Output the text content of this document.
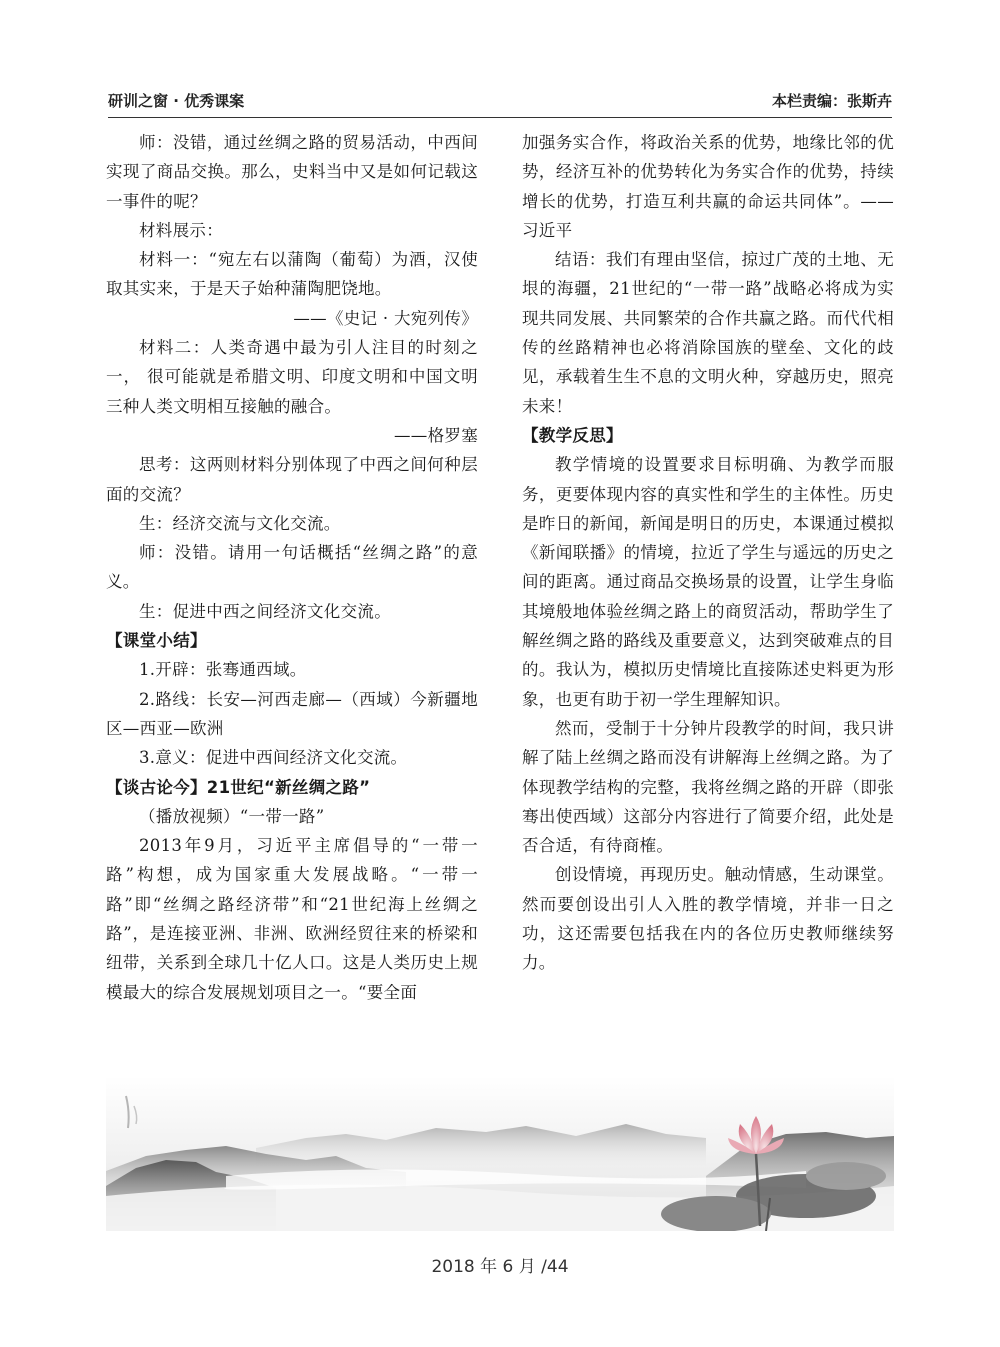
研训之窗 · 优秀课案	本栏责编：张斯卉

师：没错，通过丝绸之路的贸易活动，中西间实现了商品交换。那么，史料当中又是如何记载这一事件的呢？

材料展示：

材料一：“宛左右以蒲陶（葡萄）为酒，汉使取其实来，于是天子始种蒲陶肥饶地。

——《史记 · 大宛列传》

材料二：人类奇遇中最为引人注目的时刻之一， 很可能就是希腊文明、印度文明和中国文明三种人类文明相互接触的融合。

——格罗塞

思考：这两则材料分别体现了中西之间何种层面的交流？

生：经济交流与文化交流。

师：没错。请用一句话概括“丝绸之路”的意义。

生：促进中西之间经济文化交流。

【课堂小结】

1.开辟：张骞通西域。

2.路线：长安—河西走廊—（西域）今新疆地区—西亚—欧洲

3.意义：促进中西间经济文化交流。

【谈古论今】21世纪“新丝绸之路”

（播放视频）“一带一路”

2013年9月，习近平主席倡导的“一带一路”构想，成为国家重大发展战略。“一带一路”即“丝绸之路经济带”和“21世纪海上丝绸之路”，是连接亚洲、非洲、欧洲经贸往来的桥梁和纽带，关系到全球几十亿人口。这是人类历史上规模最大的综合发展规划项目之一。“要全面

加强务实合作，将政治关系的优势，地缘比邻的优势，经济互补的优势转化为务实合作的优势，持续增长的优势，打造互利共赢的命运共同体”。——习近平

结语：我们有理由坚信，掠过广茂的土地、无垠的海疆，21世纪的“一带一路”战略必将成为实现共同发展、共同繁荣的合作共赢之路。而代代相传的丝路精神也必将消除国族的壁垒、文化的歧见，承载着生生不息的文明火种，穿越历史，照亮未来！

【教学反思】

教学情境的设置要求目标明确、为教学而服务，更要体现内容的真实性和学生的主体性。历史是昨日的新闻，新闻是明日的历史，本课通过模拟《新闻联播》的情境，拉近了学生与遥远的历史之间的距离。通过商品交换场景的设置，让学生身临其境般地体验丝绸之路上的商贸活动，帮助学生了解丝绸之路的路线及重要意义，达到突破难点的目的。我认为，模拟历史情境比直接陈述史料更为形象，也更有助于初一学生理解知识。

然而，受制于十分钟片段教学的时间，我只讲解了陆上丝绸之路而没有讲解海上丝绸之路。为了体现教学结构的完整，我将丝绸之路的开辟（即张骞出使西域）这部分内容进行了简要介绍，此处是否合适，有待商榷。

创设情境，再现历史。触动情感，生动课堂。然而要创设出引人入胜的教学情境，并非一日之功，这还需要包括我在内的各位历史教师继续努力。

2018 年 6 月 /44
